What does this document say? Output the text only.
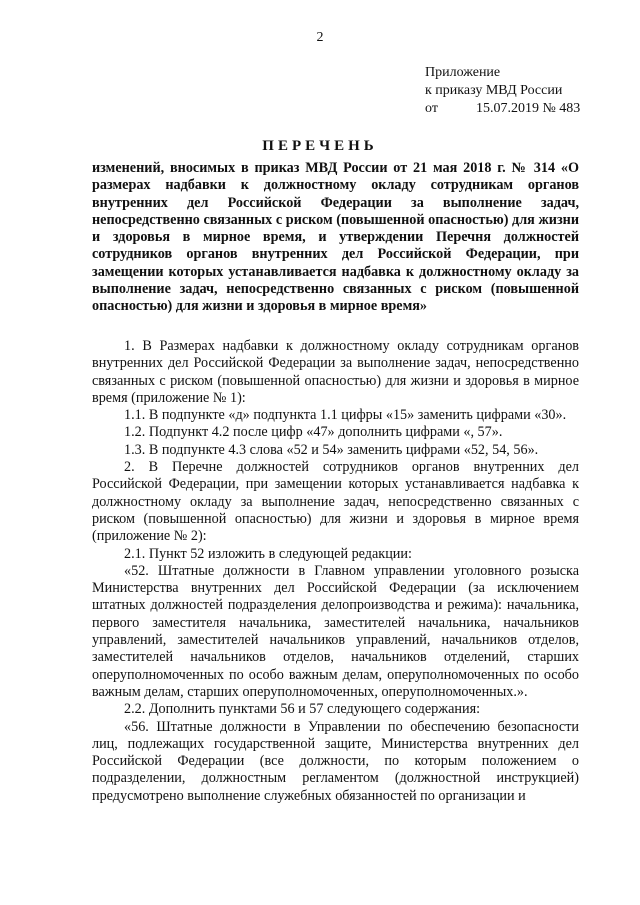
2
Приложение
к приказу МВД России
от	15.07.2019 № 483
ПЕРЕЧЕНЬ
изменений, вносимых в приказ МВД России от 21 мая 2018 г. № 314 «О размерах надбавки к должностному окладу сотрудникам органов внутренних дел Российской Федерации за выполнение задач, непосредственно связанных с риском (повышенной опасностью) для жизни и здоровья в мирное время, и утверждении Перечня должностей сотрудников органов внутренних дел Российской Федерации, при замещении которых устанавливается надбавка к должностному окладу за выполнение задач, непосредственно связанных с риском (повышенной опасностью) для жизни и здоровья в мирное время»

1. В Размерах надбавки к должностному окладу сотрудникам органов внутренних дел Российской Федерации за выполнение задач, непосредственно связанных с риском (повышенной опасностью) для жизни и здоровья в мирное время (приложение № 1):

1.1. В подпункте «д» подпункта 1.1 цифры «15» заменить цифрами «30».

1.2. Подпункт 4.2 после цифр «47» дополнить цифрами «, 57».

1.3. В подпункте 4.3 слова «52 и 54» заменить цифрами «52, 54, 56».

2. В Перечне должностей сотрудников органов внутренних дел Российской Федерации, при замещении которых устанавливается надбавка к должностному окладу за выполнение задач, непосредственно связанных с риском (повышенной опасностью) для жизни и здоровья в мирное время (приложение № 2):

2.1. Пункт 52 изложить в следующей редакции:

«52. Штатные должности в Главном управлении уголовного розыска Министерства внутренних дел Российской Федерации (за исключением штатных должностей подразделения делопроизводства и режима): начальника, первого заместителя начальника, заместителей начальника, начальников управлений, заместителей начальников управлений, начальников отделов, заместителей начальников отделов, начальников отделений, старших оперуполномоченных по особо важным делам, оперуполномоченных по особо важным делам, старших оперуполномоченных, оперуполномоченных.».

2.2. Дополнить пунктами 56 и 57 следующего содержания:

«56. Штатные должности в Управлении по обеспечению безопасности лиц, подлежащих государственной защите, Министерства внутренних дел Российской Федерации (все должности, по которым положением о подразделении, должностным регламентом (должностной инструкцией) предусмотрено выполнение служебных обязанностей по организации и
